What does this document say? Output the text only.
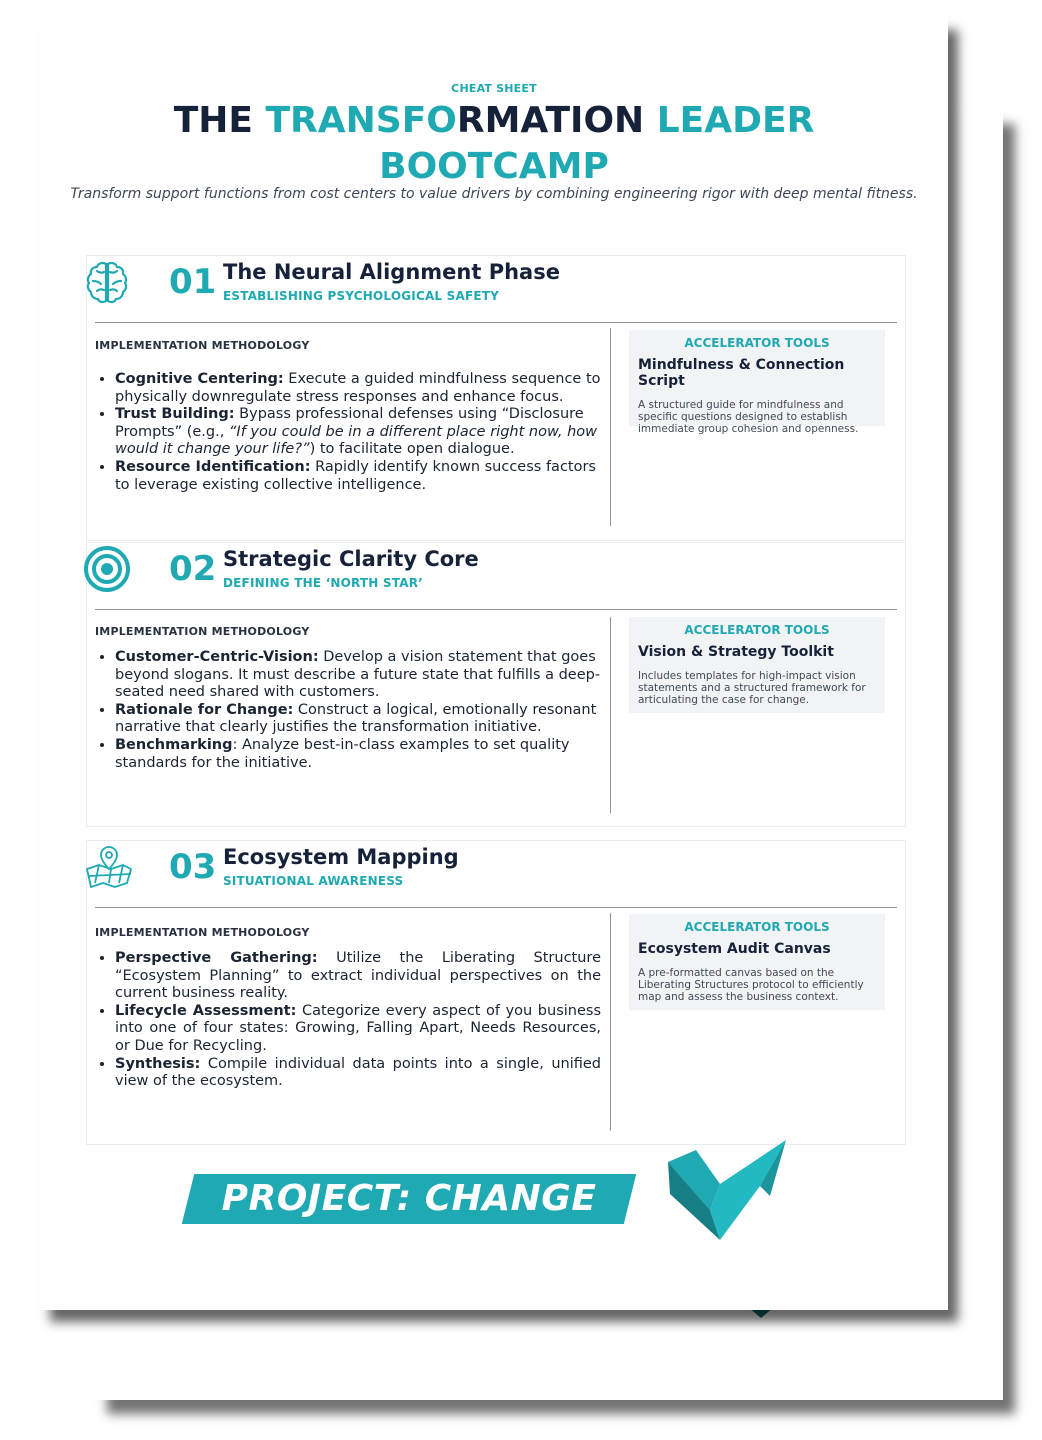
CHEAT SHEET
THE TRANSFORMATION LEADER
BOOTCAMP
Transform support functions from cost centers to value drivers by combining engineering rigor with deep mental fitness.
01 The Neural Alignment Phase
ESTABLISHING PSYCHOLOGICAL SAFETY
IMPLEMENTATION METHODOLOGY
• Cognitive Centering: Execute a guided mindfulness sequence to physically downregulate stress responses and enhance focus.
• Trust Building: Bypass professional defenses using “Disclosure Prompts” (e.g., “If you could be in a different place right now, how would it change your life?”) to facilitate open dialogue.
• Resource Identification: Rapidly identify known success factors to leverage existing collective intelligence.
ACCELERATOR TOOLS
Mindfulness & Connection Script
A structured guide for mindfulness and specific questions designed to establish immediate group cohesion and openness.
02 Strategic Clarity Core
DEFINING THE ‘NORTH STAR’
IMPLEMENTATION METHODOLOGY
• Customer-Centric-Vision: Develop a vision statement that goes beyond slogans. It must describe a future state that fulfills a deep-seated need shared with customers.
• Rationale for Change: Construct a logical, emotionally resonant narrative that clearly justifies the transformation initiative.
• Benchmarking: Analyze best-in-class examples to set quality standards for the initiative.
ACCELERATOR TOOLS
Vision & Strategy Toolkit
Includes templates for high-impact vision statements and a structured framework for articulating the case for change.
03 Ecosystem Mapping
SITUATIONAL AWARENESS
IMPLEMENTATION METHODOLOGY
• Perspective Gathering: Utilize the Liberating Structure “Ecosystem Planning” to extract individual perspectives on the current business reality.
• Lifecycle Assessment: Categorize every aspect of you business into one of four states: Growing, Falling Apart, Needs Resources, or Due for Recycling.
• Synthesis: Compile individual data points into a single, unified view of the ecosystem.
ACCELERATOR TOOLS
Ecosystem Audit Canvas
A pre-formatted canvas based on the Liberating Structures protocol to efficiently map and assess the business context.
PROJECT: CHANGE
